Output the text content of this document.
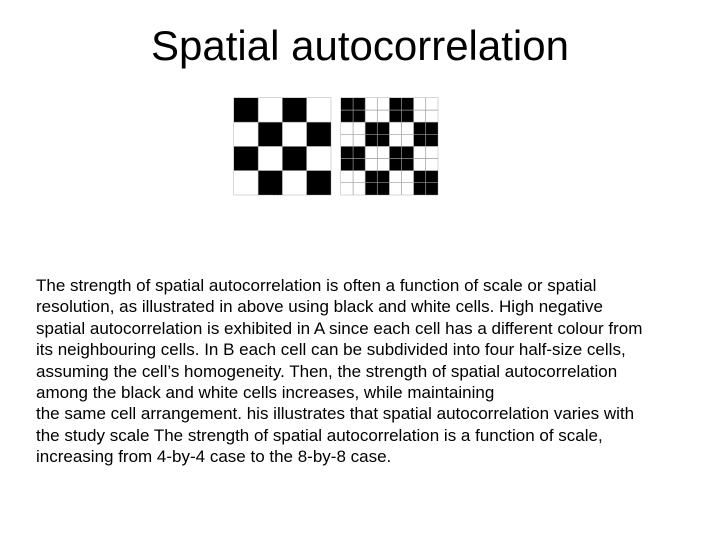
Spatial autocorrelation
A	B

The strength of spatial autocorrelation is often a function of scale or spatial
resolution, as illustrated in above using black and white cells. High negative
spatial autocorrelation is exhibited in A since each cell has a different colour from
its neighbouring cells. In B each cell can be subdivided into four half-size cells,
assuming the cell’s homogeneity. Then, the strength of spatial autocorrelation
among the black and white cells increases, while maintaining
the same cell arrangement. his illustrates that spatial autocorrelation varies with
the study scale The strength of spatial autocorrelation is a function of scale,
increasing from 4-by-4 case to the 8-by-8 case.
